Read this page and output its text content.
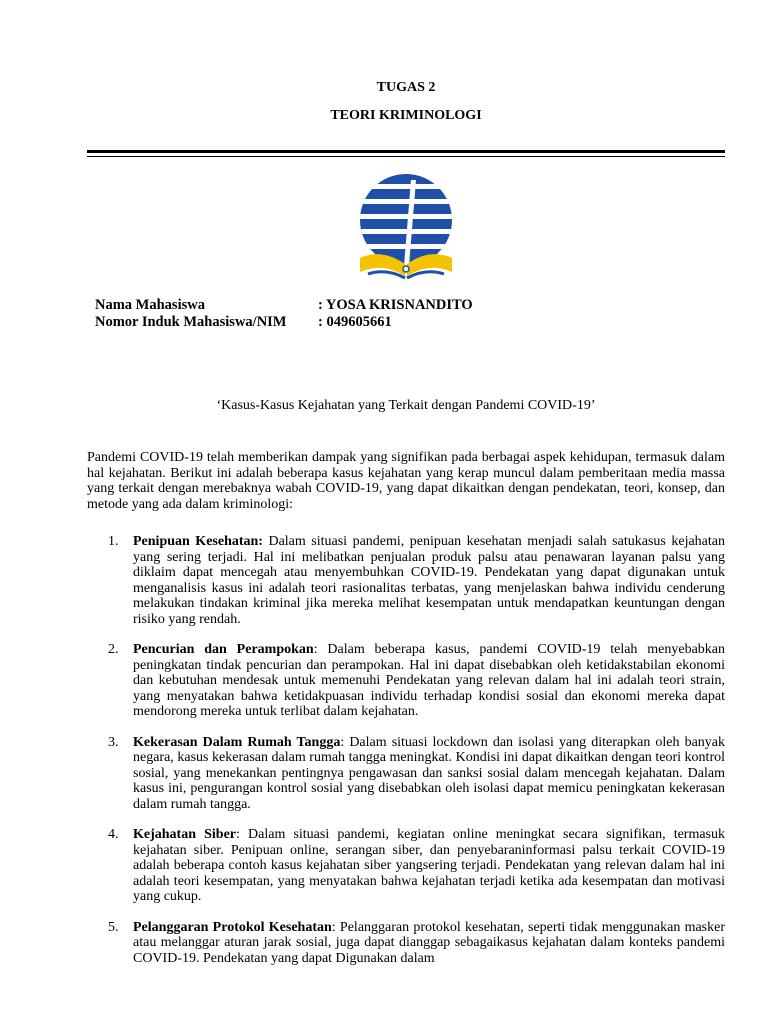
TUGAS 2
TEORI KRIMINOLOGI
Nama Mahasiswa	: YOSA KRISNANDITO
Nomor Induk Mahasiswa/NIM	: 049605661
‘Kasus-Kasus Kejahatan yang Terkait dengan Pandemi COVID-19’

Pandemi COVID-19 telah memberikan dampak yang signifikan pada berbagai aspek kehidupan, termasuk dalam hal kejahatan. Berikut ini adalah beberapa kasus kejahatan yang kerap muncul dalam pemberitaan media massa yang terkait dengan merebaknya wabah COVID-19, yang dapat dikaitkan dengan pendekatan, teori, konsep, dan metode yang ada dalam kriminologi:

1. Penipuan Kesehatan: Dalam situasi pandemi, penipuan kesehatan menjadi salah satukasus kejahatan yang sering terjadi. Hal ini melibatkan penjualan produk palsu atau penawaran layanan palsu yang diklaim dapat mencegah atau menyembuhkan COVID-19. Pendekatan yang dapat digunakan untuk menganalisis kasus ini adalah teori rasionalitas terbatas, yang menjelaskan bahwa individu cenderung melakukan tindakan kriminal jika mereka melihat kesempatan untuk mendapatkan keuntungan dengan risiko yang rendah.
2. Pencurian dan Perampokan: Dalam beberapa kasus, pandemi COVID-19 telah menyebabkan peningkatan tindak pencurian dan perampokan. Hal ini dapat disebabkan oleh ketidakstabilan ekonomi dan kebutuhan mendesak untuk memenuhi Pendekatan yang relevan dalam hal ini adalah teori strain, yang menyatakan bahwa ketidakpuasan individu terhadap kondisi sosial dan ekonomi mereka dapat mendorong mereka untuk terlibat dalam kejahatan.
3. Kekerasan Dalam Rumah Tangga: Dalam situasi lockdown dan isolasi yang diterapkan oleh banyak negara, kasus kekerasan dalam rumah tangga meningkat. Kondisi ini dapat dikaitkan dengan teori kontrol sosial, yang menekankan pentingnya pengawasan dan sanksi sosial dalam mencegah kejahatan. Dalam kasus ini, pengurangan kontrol sosial yang disebabkan oleh isolasi dapat memicu peningkatan kekerasan dalam rumah tangga.
4. Kejahatan Siber: Dalam situasi pandemi, kegiatan online meningkat secara signifikan, termasuk kejahatan siber. Penipuan online, serangan siber, dan penyebaraninformasi palsu terkait COVID-19 adalah beberapa contoh kasus kejahatan siber yangsering terjadi. Pendekatan yang relevan dalam hal ini adalah teori kesempatan, yang menyatakan bahwa kejahatan terjadi ketika ada kesempatan dan motivasi yang cukup.
5. Pelanggaran Protokol Kesehatan: Pelanggaran protokol kesehatan, seperti tidak menggunakan masker atau melanggar aturan jarak sosial, juga dapat dianggap sebagaikasus kejahatan dalam konteks pandemi COVID-19. Pendekatan yang dapat Digunakan dalam
